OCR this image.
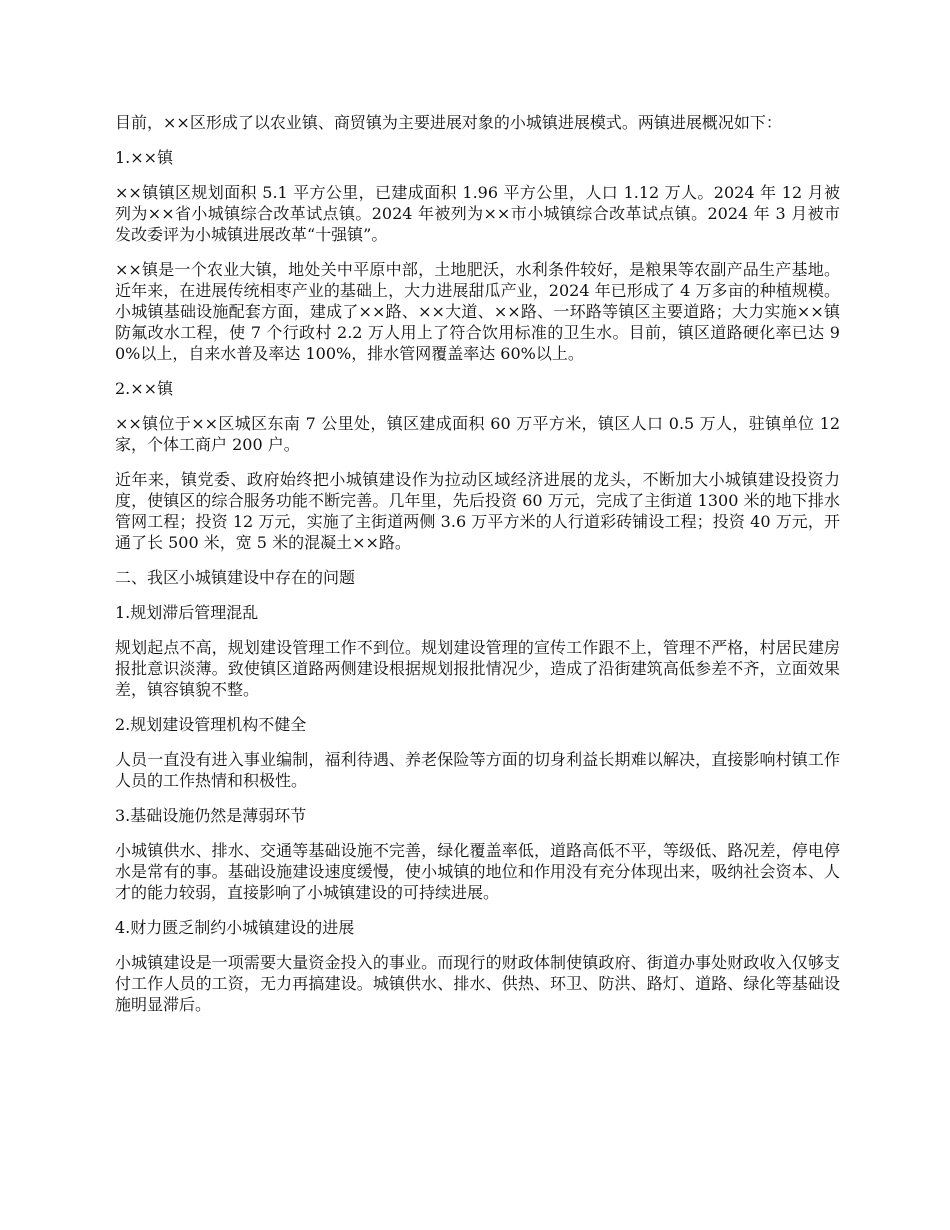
目前，××区形成了以农业镇、商贸镇为主要进展对象的小城镇进展模式。两镇进展概况如下：

1.××镇

××镇镇区规划面积 5.1 平方公里，已建成面积 1.96 平方公里，人口 1.12 万人。2024 年 12 月被列为××省小城镇综合改革试点镇。2024 年被列为××市小城镇综合改革试点镇。2024 年 3 月被市发改委评为小城镇进展改革“十强镇”。

××镇是一个农业大镇，地处关中平原中部，土地肥沃，水利条件较好，是粮果等农副产品生产基地。近年来，在进展传统相枣产业的基础上，大力进展甜瓜产业，2024 年已形成了 4 万多亩的种植规模。小城镇基础设施配套方面，建成了××路、××大道、××路、一环路等镇区主要道路；大力实施××镇防氟改水工程，使 7 个行政村 2.2 万人用上了符合饮用标准的卫生水。目前，镇区道路硬化率已达 90%以上，自来水普及率达 100%，排水管网覆盖率达 60%以上。

2.××镇

××镇位于××区城区东南 7 公里处，镇区建成面积 60 万平方米，镇区人口 0.5 万人，驻镇单位 12 家，个体工商户 200 户。

近年来，镇党委、政府始终把小城镇建设作为拉动区域经济进展的龙头，不断加大小城镇建设投资力度，使镇区的综合服务功能不断完善。几年里，先后投资 60 万元，完成了主街道 1300 米的地下排水管网工程；投资 12 万元，实施了主街道两侧 3.6 万平方米的人行道彩砖铺设工程；投资 40 万元，开通了长 500 米，宽 5 米的混凝土××路。

二、我区小城镇建设中存在的问题

1.规划滞后管理混乱

规划起点不高，规划建设管理工作不到位。规划建设管理的宣传工作跟不上，管理不严格，村居民建房报批意识淡薄。致使镇区道路两侧建设根据规划报批情况少，造成了沿街建筑高低参差不齐，立面效果差，镇容镇貌不整。

2.规划建设管理机构不健全

人员一直没有进入事业编制，福利待遇、养老保险等方面的切身利益长期难以解决，直接影响村镇工作人员的工作热情和积极性。

3.基础设施仍然是薄弱环节

小城镇供水、排水、交通等基础设施不完善，绿化覆盖率低，道路高低不平，等级低、路况差，停电停水是常有的事。基础设施建设速度缓慢，使小城镇的地位和作用没有充分体现出来，吸纳社会资本、人才的能力较弱，直接影响了小城镇建设的可持续进展。

4.财力匮乏制约小城镇建设的进展

小城镇建设是一项需要大量资金投入的事业。而现行的财政体制使镇政府、街道办事处财政收入仅够支付工作人员的工资，无力再搞建设。城镇供水、排水、供热、环卫、防洪、路灯、道路、绿化等基础设施明显滞后。
